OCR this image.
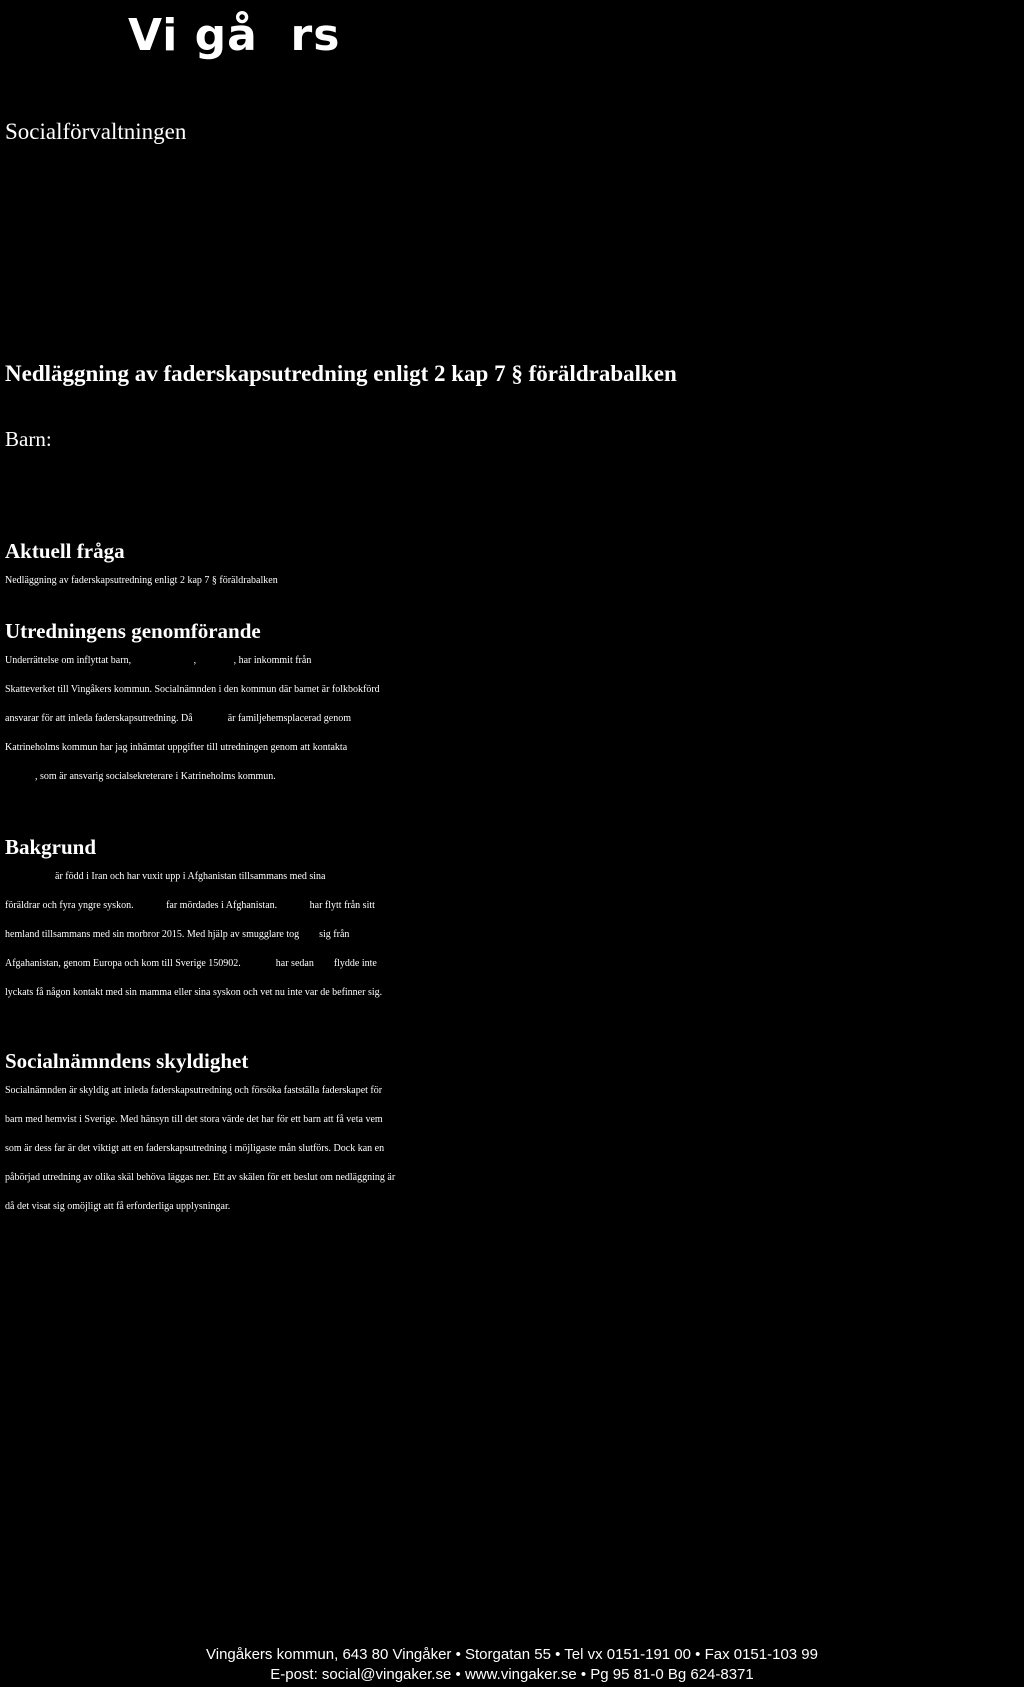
Vi gå  rs
Socialförvaltningen
Nedläggning av faderskapsutredning enligt 2 kap 7 § föräldrabalken
Barn:
Aktuell fråga
Nedläggning av faderskapsutredning enligt 2 kap 7 § föräldrabalken
Utredningens genomförande
Underrättelse om inflyttat barn,                         ,               , har inkommit från
Skatteverket till Vingåkers kommun. Socialnämnden i den kommun där barnet är folkbokförd
ansvarar för att inleda faderskapsutredning. Då              är familjehemsplacerad genom
Katrineholms kommun har jag inhämtat uppgifter till utredningen genom att kontakta
, som är ansvarig socialsekreterare i Katrineholms kommun.
Bakgrund
är född i Iran och har vuxit upp i Afghanistan tillsammans med sina
föräldrar och fyra yngre syskon.             far mördades i Afghanistan.             har flytt från sitt
hemland tillsammans med sin morbror 2015. Med hjälp av smugglare tog        sig från
Afgahanistan, genom Europa och kom till Sverige 150902.              har sedan        flydde inte
lyckats få någon kontakt med sin mamma eller sina syskon och vet nu inte var de befinner sig.
Socialnämndens skyldighet
Socialnämnden är skyldig att inleda faderskapsutredning och försöka fastställa faderskapet för
barn med hemvist i Sverige. Med hänsyn till det stora värde det har för ett barn att få veta vem
som är dess far är det viktigt att en faderskapsutredning i möjligaste mån slutförs. Dock kan en
påbörjad utredning av olika skäl behöva läggas ner. Ett av skälen för ett beslut om nedläggning är
då det visat sig omöjligt att få erforderliga upplysningar.
Vingåkers kommun, 643 80 Vingåker • Storgatan 55 • Tel vx 0151-191 00 • Fax 0151-103 99
E-post: social@vingaker.se • www.vingaker.se • Pg 95 81-0 Bg 624-8371
